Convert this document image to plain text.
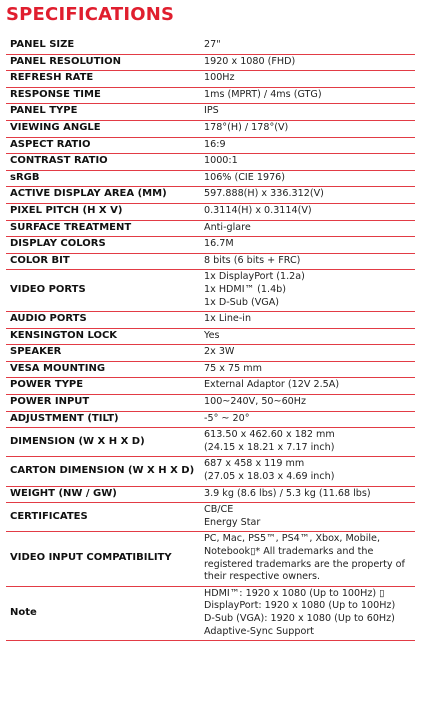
SPECIFICATIONS
PANEL SIZE	27"
PANEL RESOLUTION	1920 x 1080 (FHD)
REFRESH RATE	100Hz
RESPONSE TIME	1ms (MPRT) / 4ms (GTG)
PANEL TYPE	IPS
VIEWING ANGLE	178°(H) / 178°(V)
ASPECT RATIO	16:9
CONTRAST RATIO	1000:1
sRGB	106% (CIE 1976)
ACTIVE DISPLAY AREA (MM)	597.888(H) x 336.312(V)
PIXEL PITCH (H X V)	0.3114(H) x 0.3114(V)
SURFACE TREATMENT	Anti-glare
DISPLAY COLORS	16.7M
COLOR BIT	8 bits (6 bits + FRC)
VIDEO PORTS	1x DisplayPort (1.2a)
1x HDMI™ (1.4b)
1x D-Sub (VGA)
AUDIO PORTS	1x Line-in
KENSINGTON LOCK	Yes
SPEAKER	2x 3W
VESA MOUNTING	75 x 75 mm
POWER TYPE	External Adaptor (12V 2.5A)
POWER INPUT	100~240V, 50~60Hz
ADJUSTMENT (TILT)	-5° ~ 20°
DIMENSION (W X H X D)	613.50 x 462.60 x 182 mm
(24.15 x 18.21 x 7.17 inch)
CARTON DIMENSION (W X H X D)	687 x 458 x 119 mm
(27.05 x 18.03 x 4.69 inch)
WEIGHT (NW / GW)	3.9 kg (8.6 lbs) / 5.3 kg (11.68 lbs)
CERTIFICATES	CB/CE
Energy Star
VIDEO INPUT COMPATIBILITY	PC, Mac, PS5™, PS4™, Xbox, Mobile, Notebook▯* All trademarks and the registered trademarks are the property of their respective owners.
Note	HDMI™: 1920 x 1080 (Up to 100Hz) ▯
DisplayPort: 1920 x 1080 (Up to 100Hz)
D-Sub (VGA): 1920 x 1080 (Up to 60Hz)
Adaptive-Sync Support
